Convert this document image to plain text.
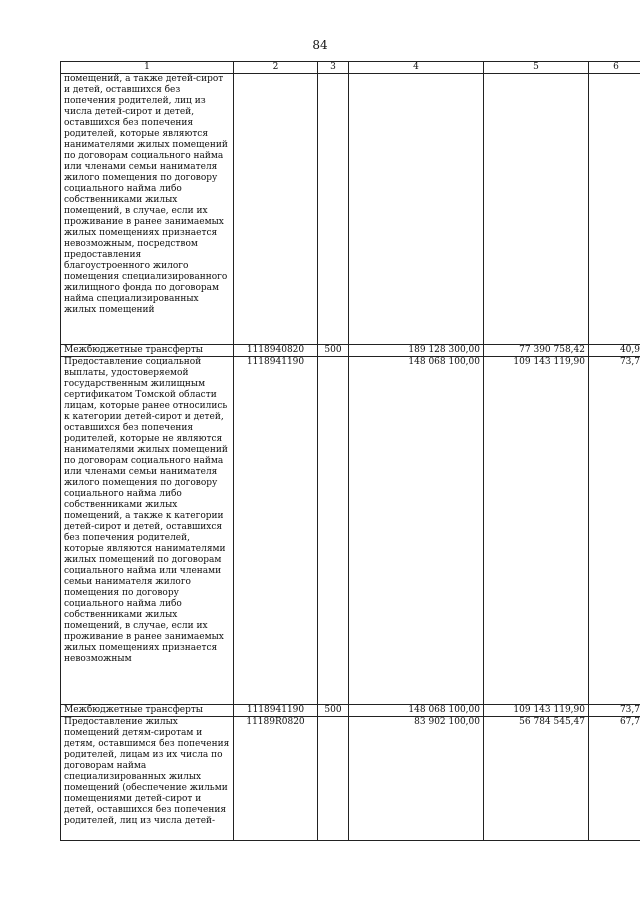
84
1	2	3	4	5	6
помещений, а также детей-сирот и детей, оставшихся без попечения родителей, лиц из числа детей-сирот и детей, оставшихся без попечения родителей, которые являются нанимателями жилых помещений по договорам социального найма или членами семьи нанимателя жилого помещения по договору социального найма либо собственниками жилых помещений, в случае, если их проживание в ранее занимаемых жилых помещениях признается невозможным, посредством предоставления благоустроенного жилого помещения специализированного жилищного фонда по договорам найма специализированных жилых помещений					
Межбюджетные трансферты	1118940820	500	189 128 300,00	77 390 758,42	40,9
Предоставление социальной выплаты, удостоверяемой государственным жилищным сертификатом Томской области лицам, которые ранее относились к категории детей-сирот и детей, оставшихся без попечения родителей, которые не являются нанимателями жилых помещений по договорам социального найма или членами семьи нанимателя жилого помещения по договору социального найма либо собственниками жилых помещений, а также к категории детей-сирот и детей, оставшихся без попечения родителей, которые являются нанимателями жилых помещений по договорам социального найма или членами семьи нанимателя жилого помещения по договору социального найма либо собственниками жилых помещений, в случае, если их проживание в ранее занимаемых жилых помещениях признается невозможным	1118941190		148 068 100,00	109 143 119,90	73,7
Межбюджетные трансферты	1118941190	500	148 068 100,00	109 143 119,90	73,7
Предоставление жилых помещений детям-сиротам и детям, оставшимся без попечения родителей, лицам из их числа по договорам найма специализированных жилых помещений (обеспечение жильми помещениями детей-сирот и детей, оставшихся без попечения родителей, лиц из числа детей-	11189R0820		83 902 100,00	56 784 545,47	67,7
